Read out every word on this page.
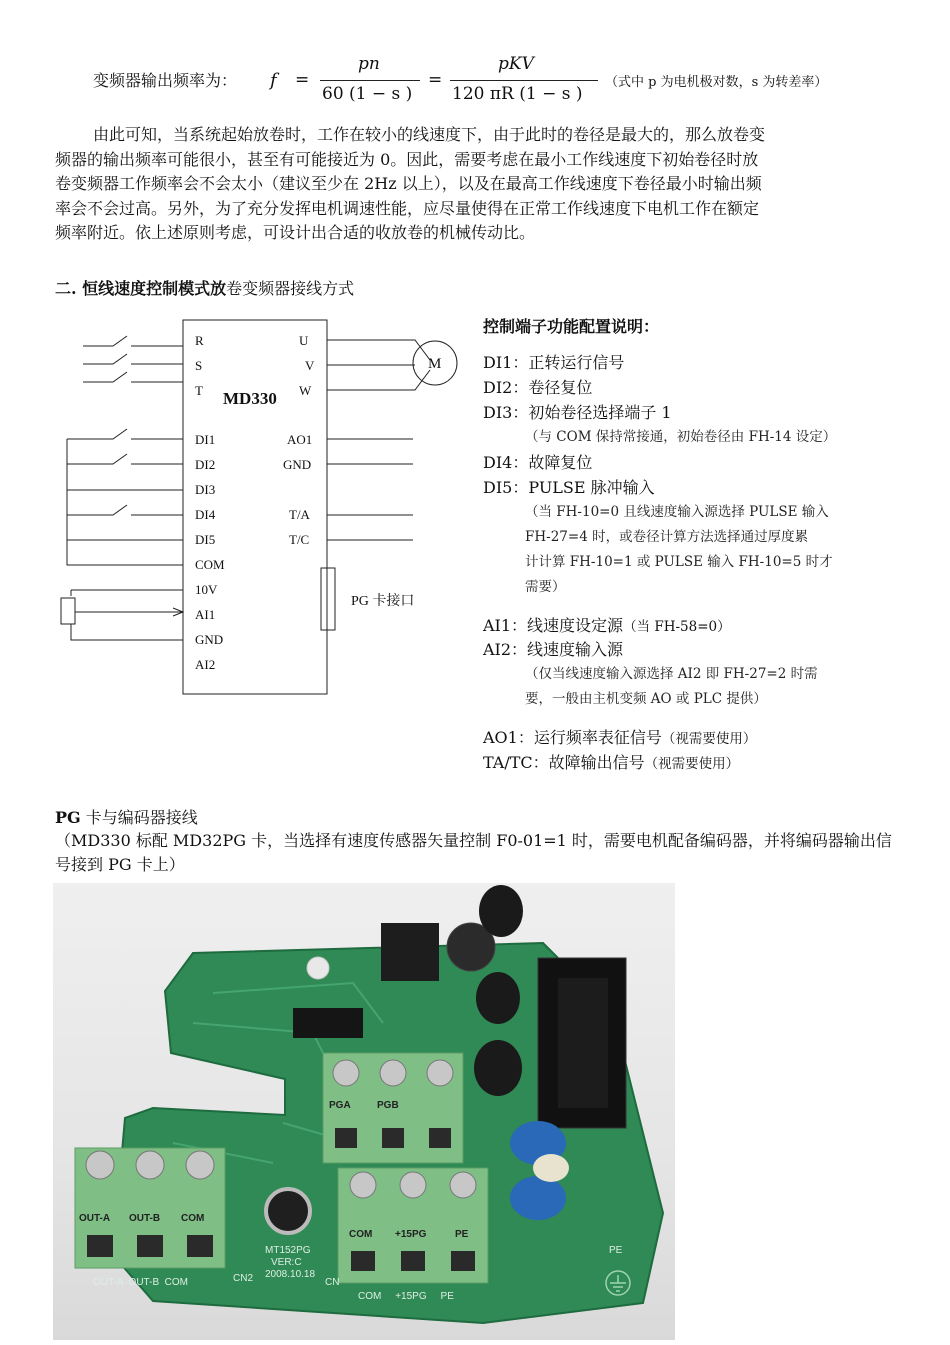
变频器输出频率为： f =
pn
60 (1 − s )
=
pKV
120 πR (1 − s )
（式中 p 为电机极对数，s 为转差率）
由此可知，当系统起始放卷时，工作在较小的线速度下，由于此时的卷径是最大的，那么放卷变
频器的输出频率可能很小，甚至有可能接近为 0。因此，需要考虑在最小工作线速度下初始卷径时放
卷变频器工作频率会不会太小（建议至少在 2Hz 以上），以及在最高工作线速度下卷径最小时输出频
率会不会过高。另外，为了充分发挥电机调速性能，应尽量使得在正常工作线速度下电机工作在额定
频率附近。依上述原则考虑，可设计出合适的收放卷的机械传动比。
二. 恒线速度控制模式放卷变频器接线方式
R
S
T
DI1
DI2
DI3
DI4
DI5
COM
10V
AI1
GND
AI2
U
V
W
AO1
GND
T/A
T/C
MD330
M
PG 卡接口
控制端子功能配置说明：
DI1：正转运行信号
DI2：卷径复位
DI3：初始卷径选择端子 1
（与 COM 保持常接通，初始卷径由 FH-14 设定）
DI4：故障复位
DI5：PULSE 脉冲输入
（当 FH-10=0 且线速度输入源选择 PULSE 输入
FH-27=4 时，或卷径计算方法选择通过厚度累
计计算 FH-10=1 或 PULSE 输入 FH-10=5 时才
需要）
AI1：线速度设定源（当 FH-58=0）
AI2：线速度输入源
（仅当线速度输入源选择 AI2 即 FH-27=2 时需
要，一般由主机变频 AO 或 PLC 提供）
AO1：运行频率表征信号（视需要使用）
TA/TC：故障输出信号（视需要使用）
PG 卡与编码器接线
（MD330 标配 MD32PG 卡，当选择有速度传感器矢量控制 F0-01=1 时，需要电机配备编码器，并将编码器输出信号接到 PG 卡上）
PGA	PGB
OUT-A OUT-B COM
COM +15PG	PE
OUT-A  OUT-B  COM
COM     +15PG     PE
MT152PG
VER:C
2008.10.18
PE
CN2	CN
